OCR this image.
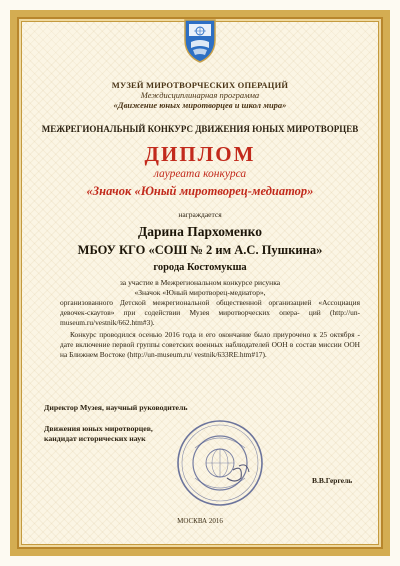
МУЗЕЙ МИРОТВОРЧЕСКИХ ОПЕРАЦИЙ
Междисциплинарная программа
«Движение юных миротворцев и школ мира»
МЕЖРЕГИОНАЛЬНЫЙ КОНКУРС ДВИЖЕНИЯ ЮНЫХ МИРОТВОРЦЕВ
ДИПЛОМ
лауреата конкурса
«Значок «Юный миротворец-медиатор»
награждается
Дарина Пархоменко
МБОУ КГО «СОШ № 2 им А.С. Пушкина»
города Костомукша
за участие в Межрегиональном конкурсе рисунка
«Значок «Юный миротворец-медиатор»,
организованного Детской межрегиональной общественной организацией «Ассоциация девочек-скаутов» при содействии Музея миротворческих опера- ций (http://un-museum.ru/vestnik/662.htm#3).
Конкурс проводился осенью 2016 года и его окончание было приурочено к 25 октября - дате включение первой группы советских военных наблюдателей ООН в состав миссии ООН на Ближнем Востоке (http://un-museum.ru/ vestnik/633RE.htm#17).
Директор Музея, научный руководитель
Движения юных миротворцев,
кандидат исторических наук
В.В.Гергель
МОСКВА 2016
